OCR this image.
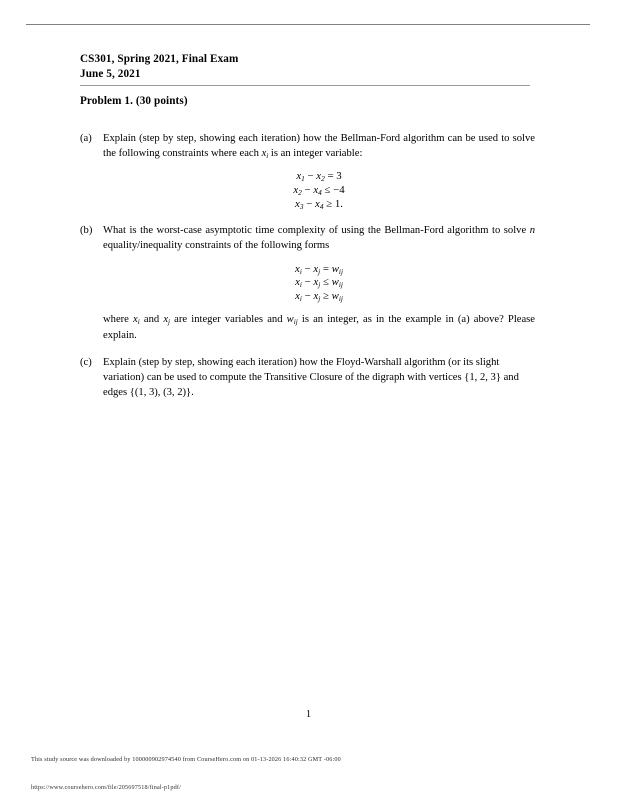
CS301, Spring 2021, Final Exam
June 5, 2021
Problem 1. (30 points)
(a) Explain (step by step, showing each iteration) how the Bellman-Ford algorithm can be used to solve the following constraints where each $x_i$ is an integer variable:
$x_1 - x_2 = 3$
$x_2 - x_4 \le -4$
$x_3 - x_4 \ge 1$.
(b) What is the worst-case asymptotic time complexity of using the Bellman-Ford algorithm to solve n equality/inequality constraints of the following forms
$x_i - x_j = w_{ij}$
$x_i - x_j \le w_{ij}$
$x_i - x_j \ge w_{ij}$
where $x_i$ and $x_j$ are integer variables and $w_{ij}$ is an integer, as in the example in (a) above? Please explain.
(c) Explain (step by step, showing each iteration) how the Floyd-Warshall algorithm (or its slight variation) can be used to compute the Transitive Closure of the digraph with vertices {1, 2, 3} and edges {(1, 3), (3, 2)}.
1
This study source was downloaded by 100000902974540 from CourseHero.com on 01-13-2026 16:40:32 GMT -06:00
https://www.coursehero.com/file/205697518/final-p1pdf/
